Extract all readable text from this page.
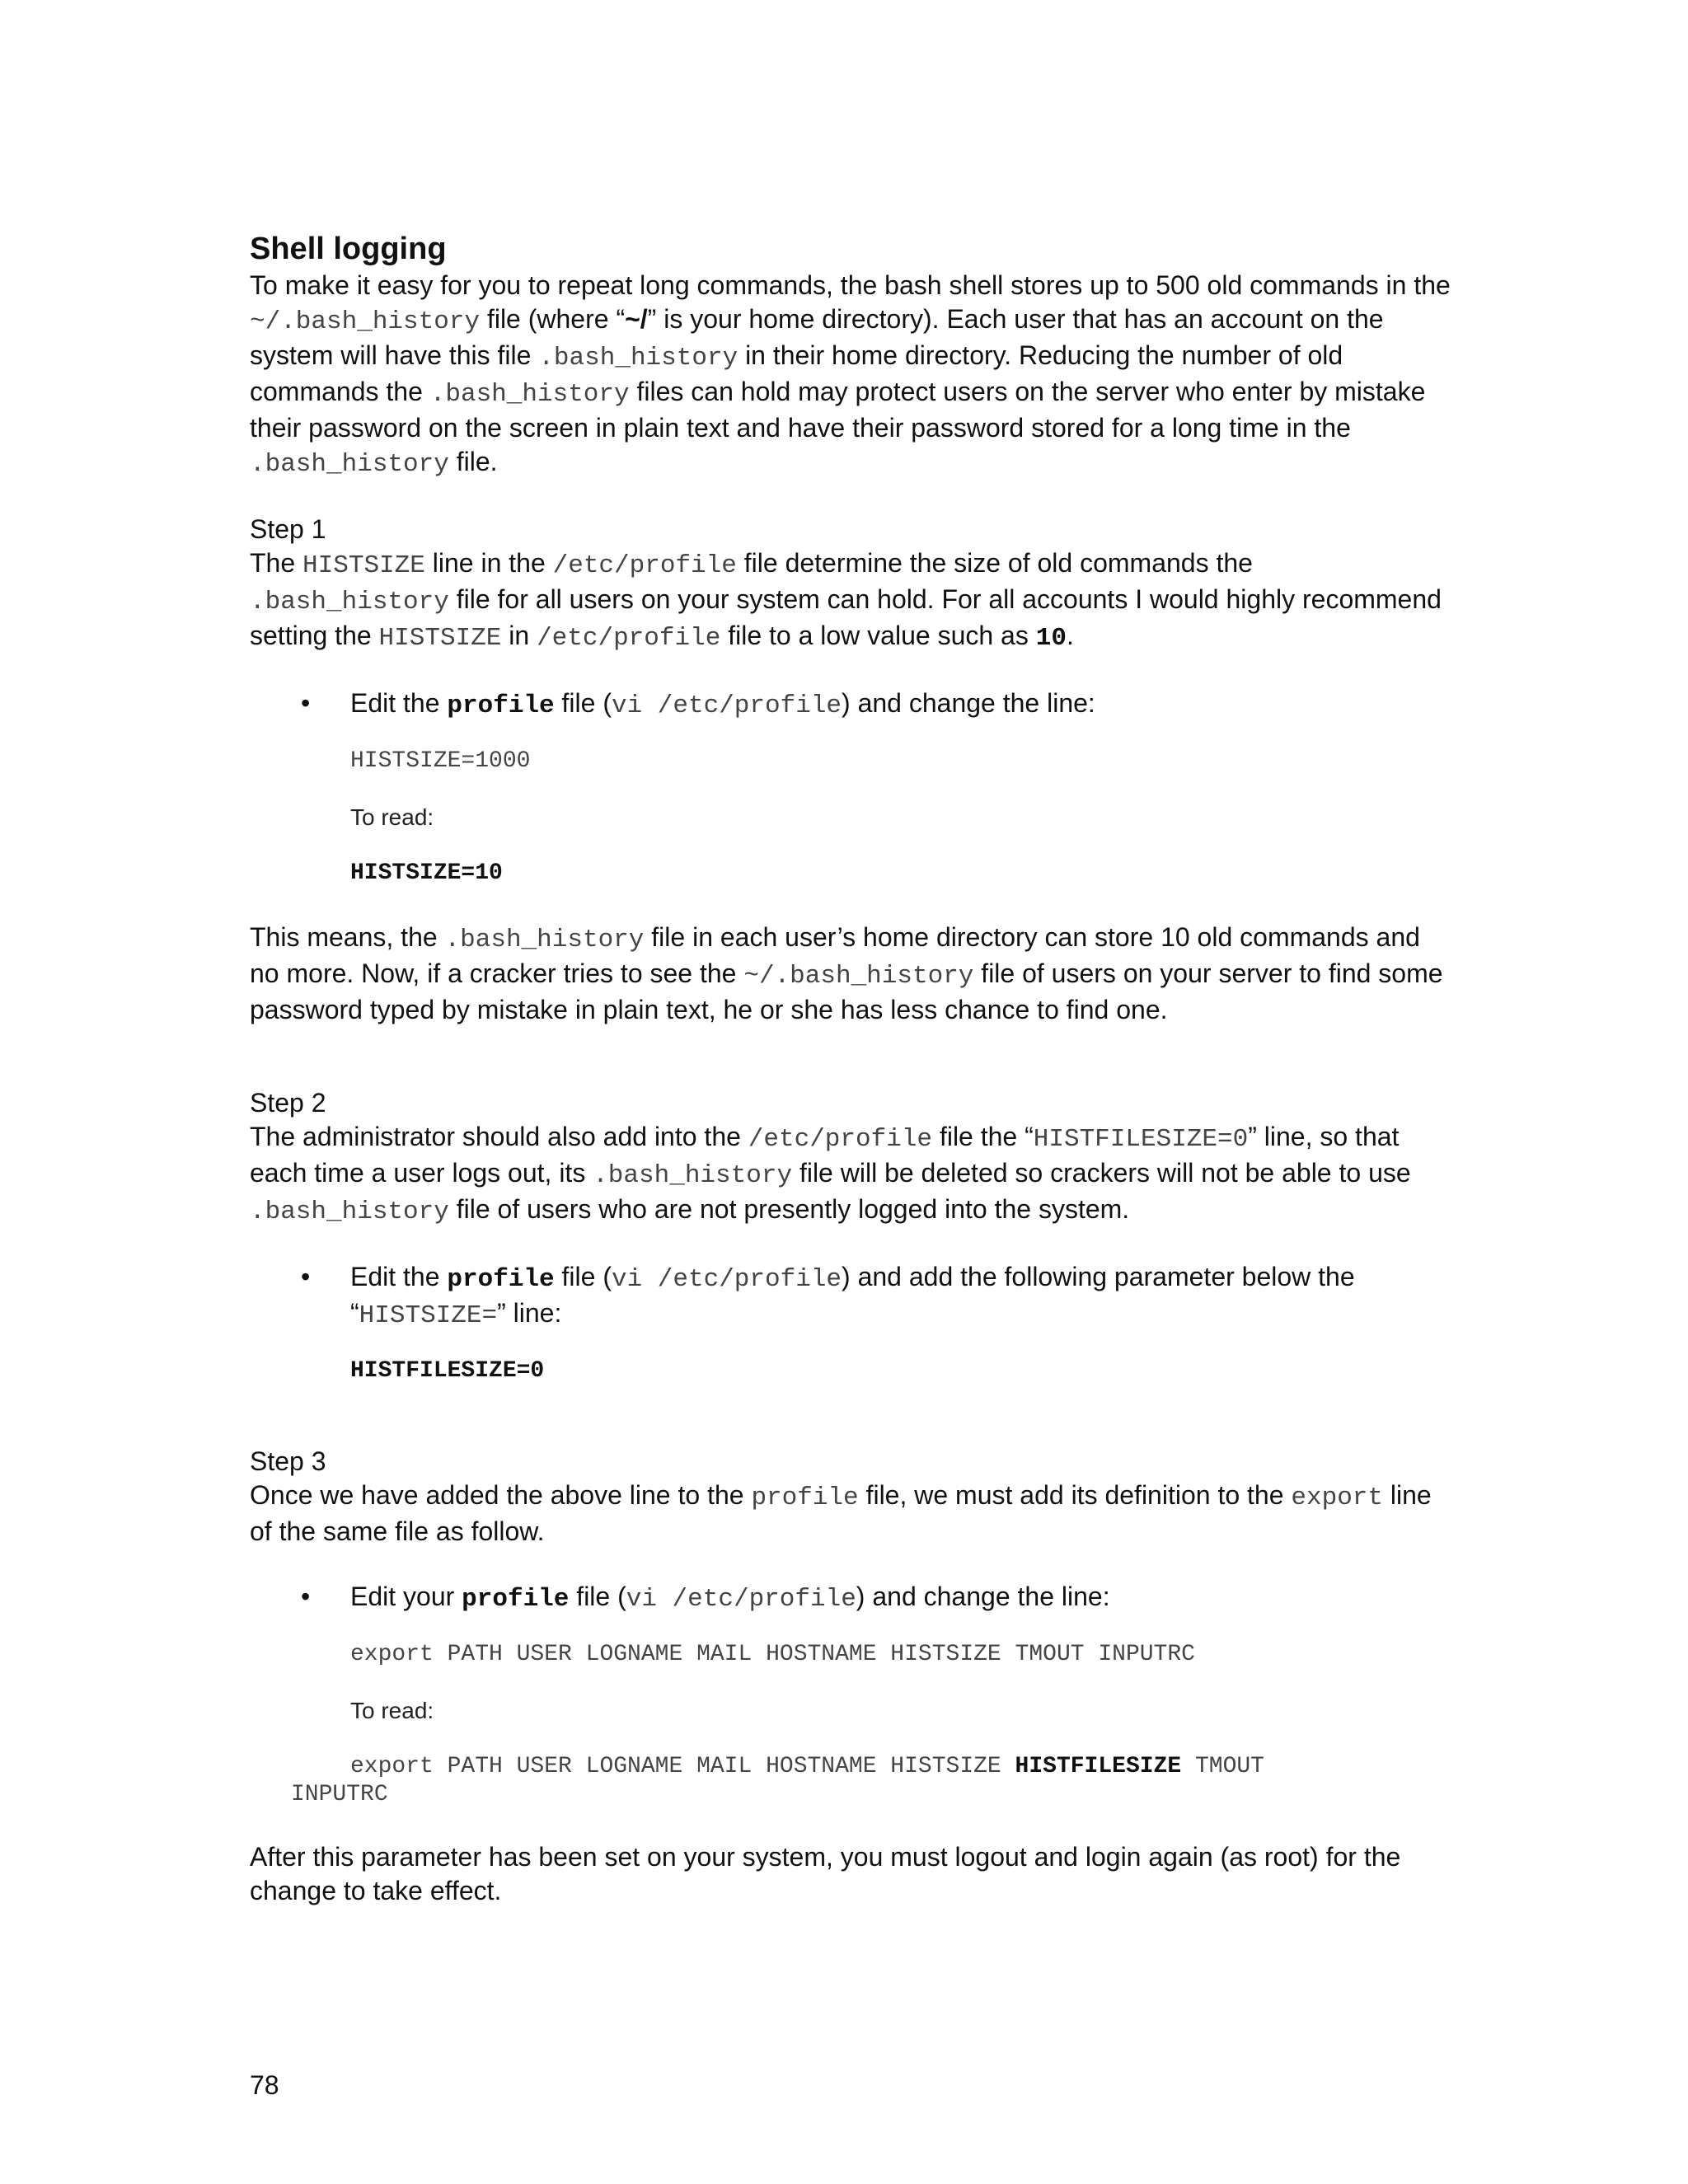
Shell logging

To make it easy for you to repeat long commands, the bash shell stores up to 500 old commands in the ~/.bash_history file (where “~/” is your home directory). Each user that has an account on the system will have this file .bash_history in their home directory. Reducing the number of old commands the .bash_history files can hold may protect users on the server who enter by mistake their password on the screen in plain text and have their password stored for a long time in the .bash_history file.

Step 1

The HISTSIZE line in the /etc/profile file determine the size of old commands the .bash_history file for all users on your system can hold. For all accounts I would highly recommend setting the HISTSIZE in /etc/profile file to a low value such as 10.

• Edit the profile file (vi /etc/profile) and change the line:

HISTSIZE=1000
To read:
HISTSIZE=10

This means, the .bash_history file in each user’s home directory can store 10 old commands and no more. Now, if a cracker tries to see the ~/.bash_history file of users on your server to find some password typed by mistake in plain text, he or she has less chance to find one.

Step 2

The administrator should also add into the /etc/profile file the “HISTFILESIZE=0” line, so that each time a user logs out, its .bash_history file will be deleted so crackers will not be able to use .bash_history file of users who are not presently logged into the system.

• Edit the profile file (vi /etc/profile) and add the following parameter below the “HISTSIZE=” line:

HISTFILESIZE=0

Step 3

Once we have added the above line to the profile file, we must add its definition to the export line of the same file as follow.

• Edit your profile file (vi /etc/profile) and change the line:

export PATH USER LOGNAME MAIL HOSTNAME HISTSIZE TMOUT INPUTRC
To read:
export PATH USER LOGNAME MAIL HOSTNAME HISTSIZE HISTFILESIZE TMOUT
INPUTRC

After this parameter has been set on your system, you must logout and login again (as root) for the change to take effect.

78
